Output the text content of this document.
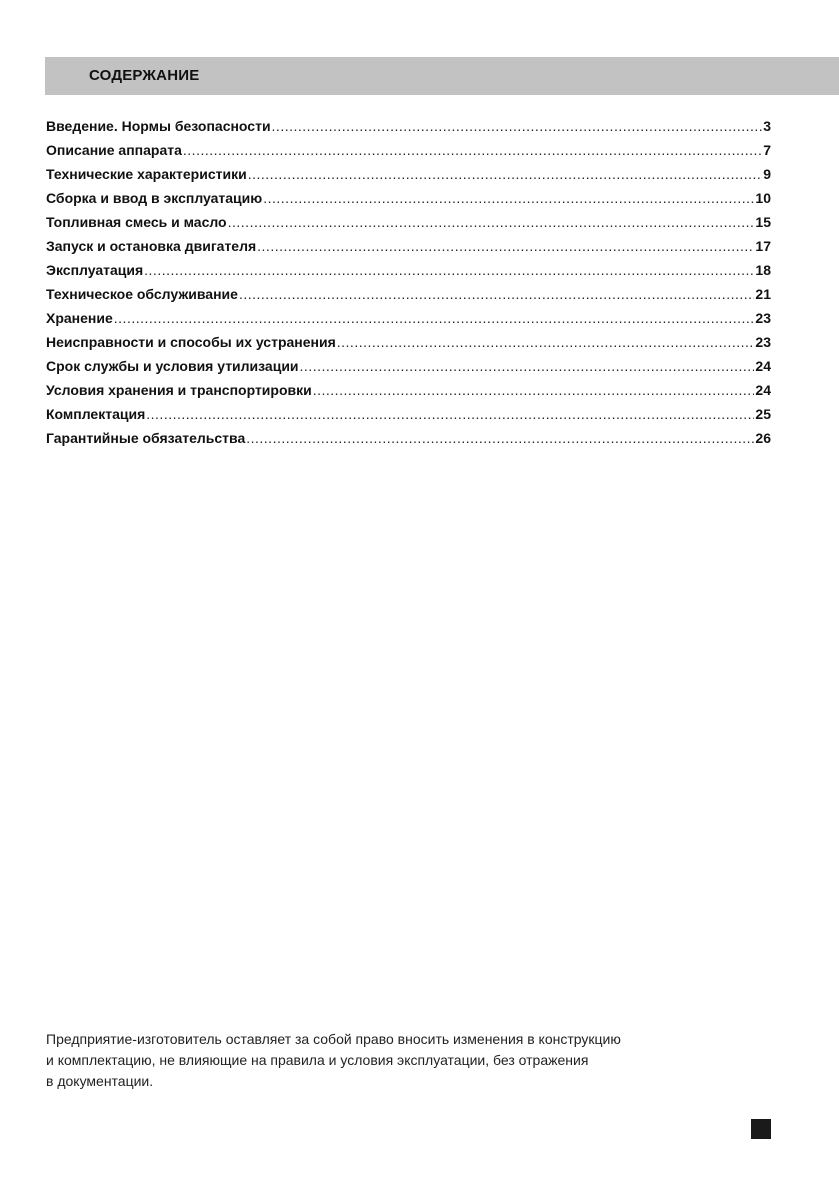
СОДЕРЖАНИЕ
Введение. Нормы безопасности .....	3
Описание аппарата .....	7
Технические характеристики .....	9
Сборка и ввод в эксплуатацию .....	10
Топливная смесь и масло .....	15
Запуск и остановка двигателя .....	17
Эксплуатация .....	18
Техническое обслуживание .....	21
Хранение .....	23
Неисправности и способы их устранения .....	23
Срок службы и условия утилизации .....	24
Условия хранения и транспортировки .....	24
Комплектация .....	25
Гарантийные обязательства .....	26
Предприятие-изготовитель оставляет за собой право вносить изменения в конструкцию
и комплектацию, не влияющие на правила и условия эксплуатации, без отражения
в документации.
